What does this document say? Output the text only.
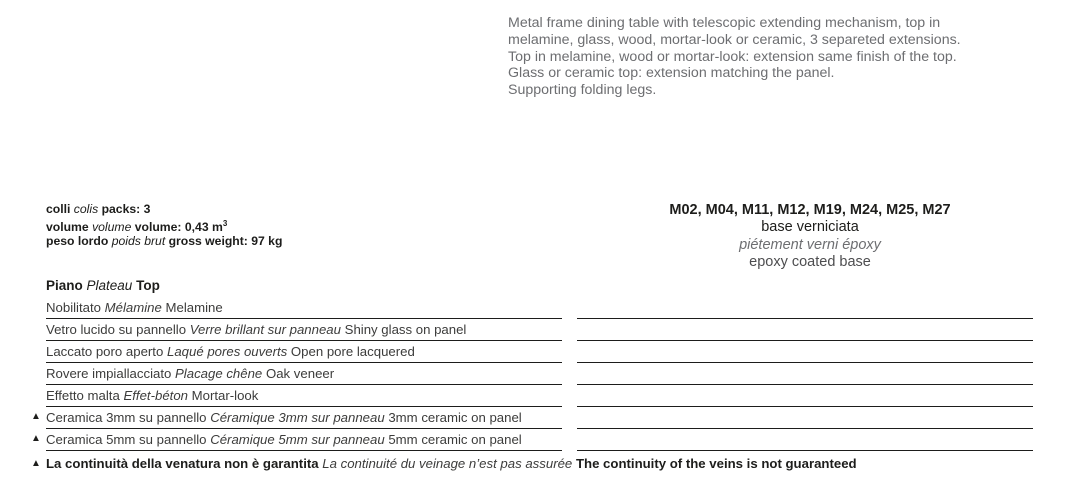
Metal frame dining table with telescopic extending mechanism, top in
melamine, glass, wood, mortar-look or ceramic, 3 separeted extensions.
Top in melamine, wood or mortar-look: extension same finish of the top.
Glass or ceramic top: extension matching the panel.
Supporting folding legs.
colli colis packs: 3
volume volume volume: 0,43 $m^3$
peso lordo poids brut gross weight: 97 kg
M02, M04, M11, M12, M19, M24, M25, M27
base verniciata
piétement verni époxy
epoxy coated base
Piano Plateau Top
Nobilitato Mélamine Melamine
Vetro lucido su pannello Verre brillant sur panneau Shiny glass on panel
Laccato poro aperto Laqué pores ouverts Open pore lacquered
Rovere impiallacciato Placage chêne Oak veneer
Effetto malta Effet-béton Mortar-look
▲ Ceramica 3mm su pannello Céramique 3mm sur panneau 3mm ceramic on panel
▲ Ceramica 5mm su pannello Céramique 5mm sur panneau 5mm ceramic on panel
▲ La continuità della venatura non è garantita La continuité du veinage n’est pas assurée The continuity of the veins is not guaranteed
